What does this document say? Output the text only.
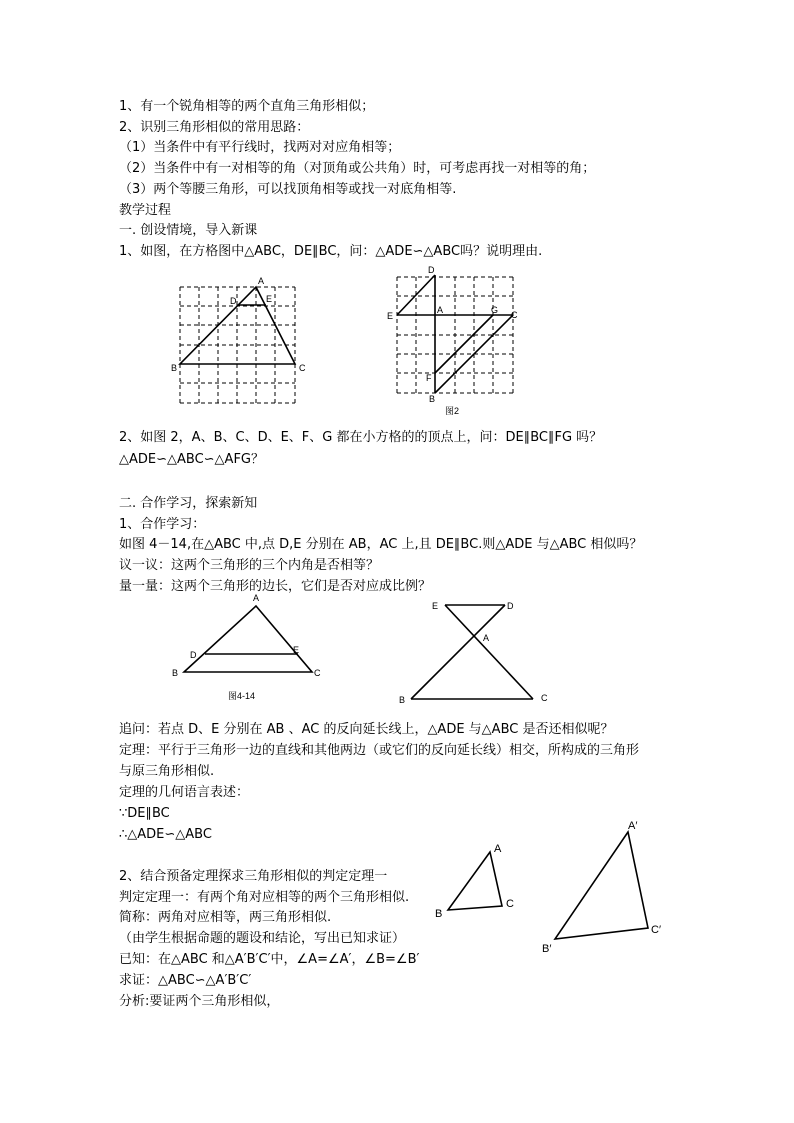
1、有一个锐角相等的两个直角三角形相似；
2、识别三角形相似的常用思路：
（1）当条件中有平行线时，找两对对应角相等；
（2）当条件中有一对相等的角（对顶角或公共角）时，可考虑再找一对相等的角；
（3）两个等腰三角形，可以找顶角相等或找一对底角相等.
教学过程
一. 创设情境，导入新课
1、如图，在方格图中△ABC，DE∥BC，问：△ADE∽△ABC吗？说明理由.
A
D	E
B	C
D
E
A	G C
F
B
图2
2、如图 2，A、B、C、D、E、F、G 都在小方格的的顶点上，问：DE∥BC∥FG 吗？
△ADE∽△ABC∽△AFG？
二. 合作学习，探索新知
1、合作学习：
如图 4－14,在△ABC 中,点 D,E 分别在 AB，AC 上,且 DE∥BC.则△ADE 与△ABC 相似吗？
议一议：这两个三角形的三个内角是否相等？
量一量：这两个三角形的边长，它们是否对应成比例？
A
D	E
B	C
图4-14
E	D
A
B	C
追问：若点 D、E 分别在 AB 、AC 的反向延长线上，△ADE 与△ABC 是否还相似呢？
定理：平行于三角形一边的直线和其他两边（或它们的反向延长线）相交，所构成的三角形
与原三角形相似.
定理的几何语言表述：
∵DE∥BC
∴△ADE∽△ABC
2、结合预备定理探求三角形相似的判定定理一
判定定理一：有两个角对应相等的两个三角形相似.
简称：两角对应相等，两三角形相似.
（由学生根据命题的题设和结论，写出已知求证）
已知：在△ABC 和△A′B′C′中，∠A=∠A′，∠B=∠B′
求证：△ABC∽△A′B′C′
分析:要证两个三角形相似，
A
B
C
A′
B′
C′
